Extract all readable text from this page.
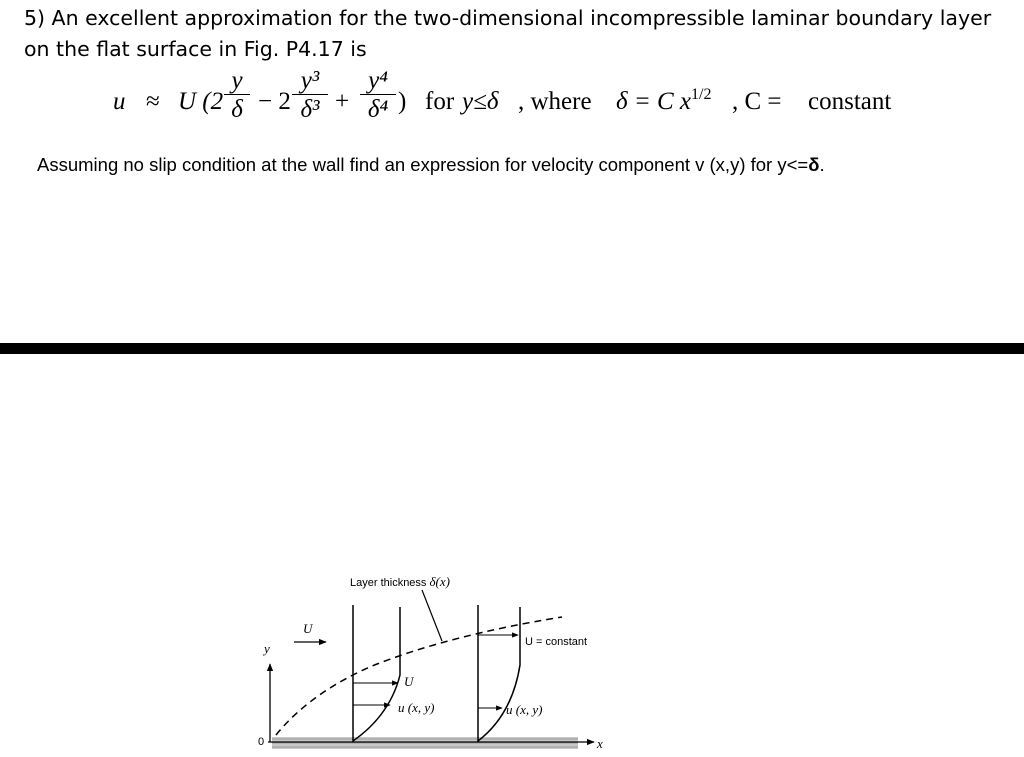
5) An excellent approximation for the two-dimensional incompressible laminar boundary layer on the flat surface in Fig. P4.17 is
u ≈ U ($2 \frac{y}{\delta} - 2 \frac{\text{y³}}{\text{δ³}} + \frac{\text{y⁴}}{\text{δ⁴}}$ ) for y≤δ , where δ = C $x^{1/2}$ , C = constant
Assuming no slip condition at the wall find an expression for velocity component v (x,y) for y<=δ.
Layer thickness δ(x)
U
y
0	x
U
u (x, y)	u (x, y)
U = constant
